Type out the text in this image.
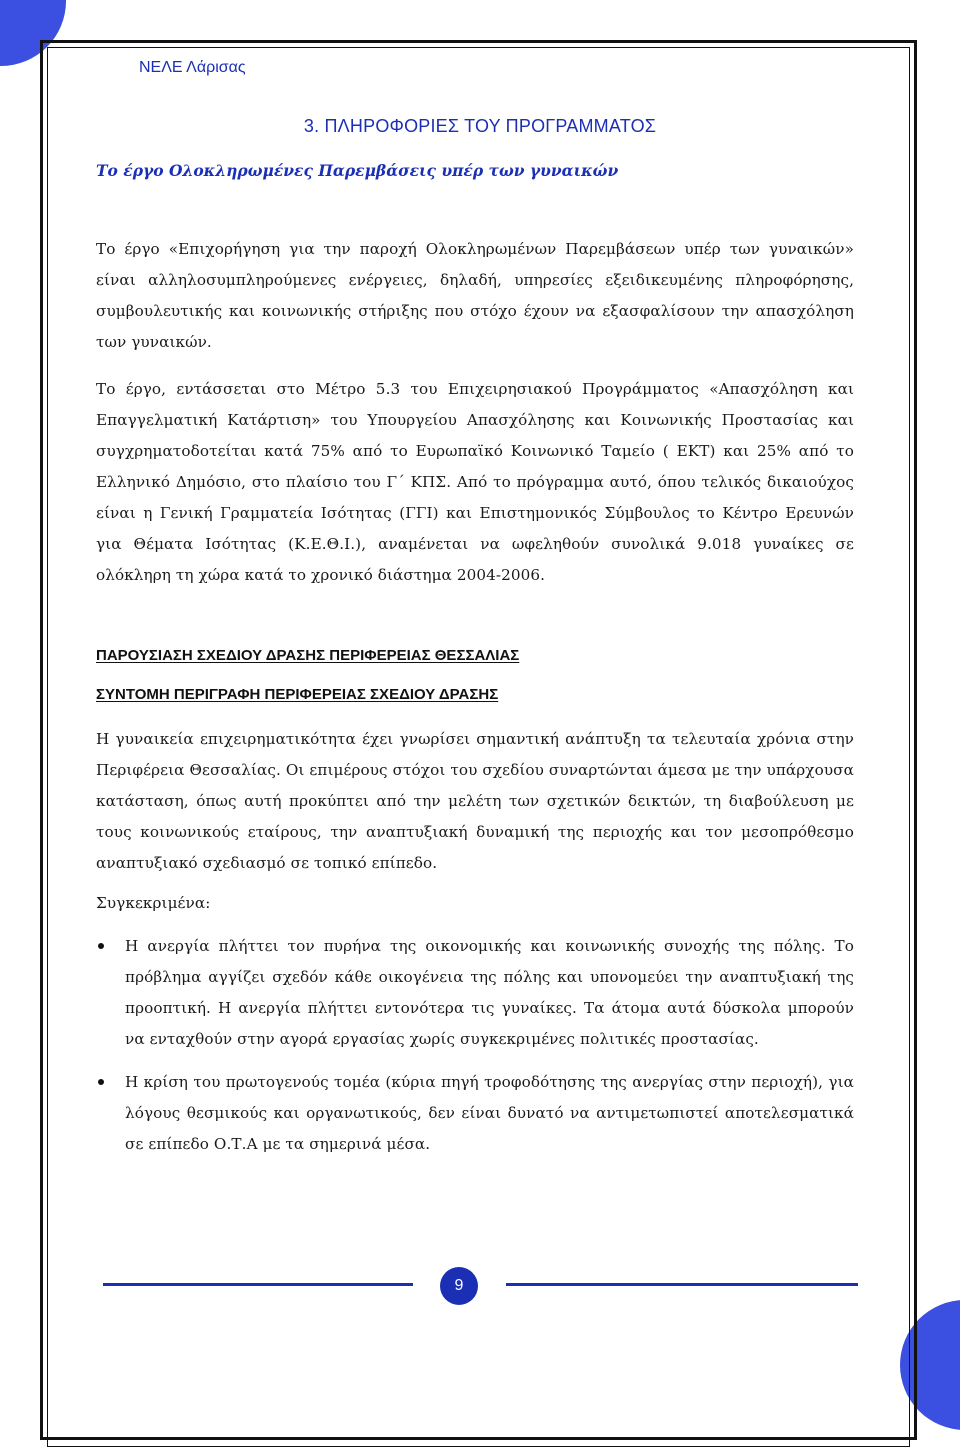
ΝΕΛΕ Λάρισας
3. ΠΛΗΡΟΦΟΡΙΕΣ ΤΟΥ ΠΡΟΓΡΑΜΜΑΤΟΣ
Το έργο Ολοκληρωμένες Παρεμβάσεις υπέρ των γυναικών

Το έργο «Επιχορήγηση για την παροχή Ολοκληρωμένων Παρεμβάσεων υπέρ των γυναικών» είναι αλληλοσυμπληρούμενες ενέργειες, δηλαδή, υπηρεσίες εξειδικευμένης πληροφόρησης, συμβουλευτικής και κοινωνικής στήριξης που στόχο έχουν να εξασφαλίσουν την απασχόληση των γυναικών.

Το έργο, εντάσσεται στο Μέτρο 5.3 του Επιχειρησιακού Προγράμματος «Απασχόληση και Επαγγελματική Κατάρτιση» του Υπουργείου Απασχόλησης και Κοινωνικής Προστασίας και συγχρηματοδοτείται κατά 75% από το Ευρωπαϊκό Κοινωνικό Ταμείο ( ΕΚΤ) και 25% από το Ελληνικό Δημόσιο, στο πλαίσιο του Γ΄ ΚΠΣ. Από το πρόγραμμα αυτό, όπου τελικός δικαιούχος είναι η Γενική Γραμματεία Ισότητας (ΓΓΙ) και Επιστημονικός Σύμβουλος το Κέντρο Ερευνών για Θέματα Ισότητας (Κ.Ε.Θ.Ι.), αναμένεται να ωφεληθούν συνολικά 9.018 γυναίκες σε ολόκληρη τη χώρα κατά το χρονικό διάστημα 2004-2006.

ΠΑΡΟΥΣΙΑΣΗ ΣΧΕΔΙΟΥ ΔΡΑΣΗΣ ΠΕΡΙΦΕΡΕΙΑΣ ΘΕΣΣΑΛΙΑΣ
ΣΥΝΤΟΜΗ ΠΕΡΙΓΡΑΦΗ ΠΕΡΙΦΕΡΕΙΑΣ ΣΧΕΔΙΟΥ ΔΡΑΣΗΣ

Η γυναικεία επιχειρηματικότητα έχει γνωρίσει σημαντική ανάπτυξη τα τελευταία χρόνια στην Περιφέρεια Θεσσαλίας. Οι επιμέρους στόχοι του σχεδίου συναρτώνται άμεσα με την υπάρχουσα κατάσταση, όπως αυτή προκύπτει από την μελέτη των σχετικών δεικτών, τη διαβούλευση με τους κοινωνικούς εταίρους, την αναπτυξιακή δυναμική της περιοχής και τον μεσοπρόθεσμο αναπτυξιακό σχεδιασμό σε τοπικό επίπεδο.

Συγκεκριμένα:

Η ανεργία πλήττει τον πυρήνα της οικονομικής και κοινωνικής συνοχής της πόλης. Το πρόβλημα αγγίζει σχεδόν κάθε οικογένεια της πόλης και υπονομεύει την αναπτυξιακή της προοπτική. Η ανεργία πλήττει εντονότερα τις γυναίκες. Τα άτομα αυτά δύσκολα μπορούν να ενταχθούν στην αγορά εργασίας χωρίς συγκεκριμένες πολιτικές προστασίας.
Η κρίση του πρωτογενούς τομέα (κύρια πηγή τροφοδότησης της ανεργίας στην περιοχή), για λόγους θεσμικούς και οργανωτικούς, δεν είναι δυνατό να αντιμετωπιστεί αποτελεσματικά σε επίπεδο Ο.Τ.Α με τα σημερινά μέσα.
9
